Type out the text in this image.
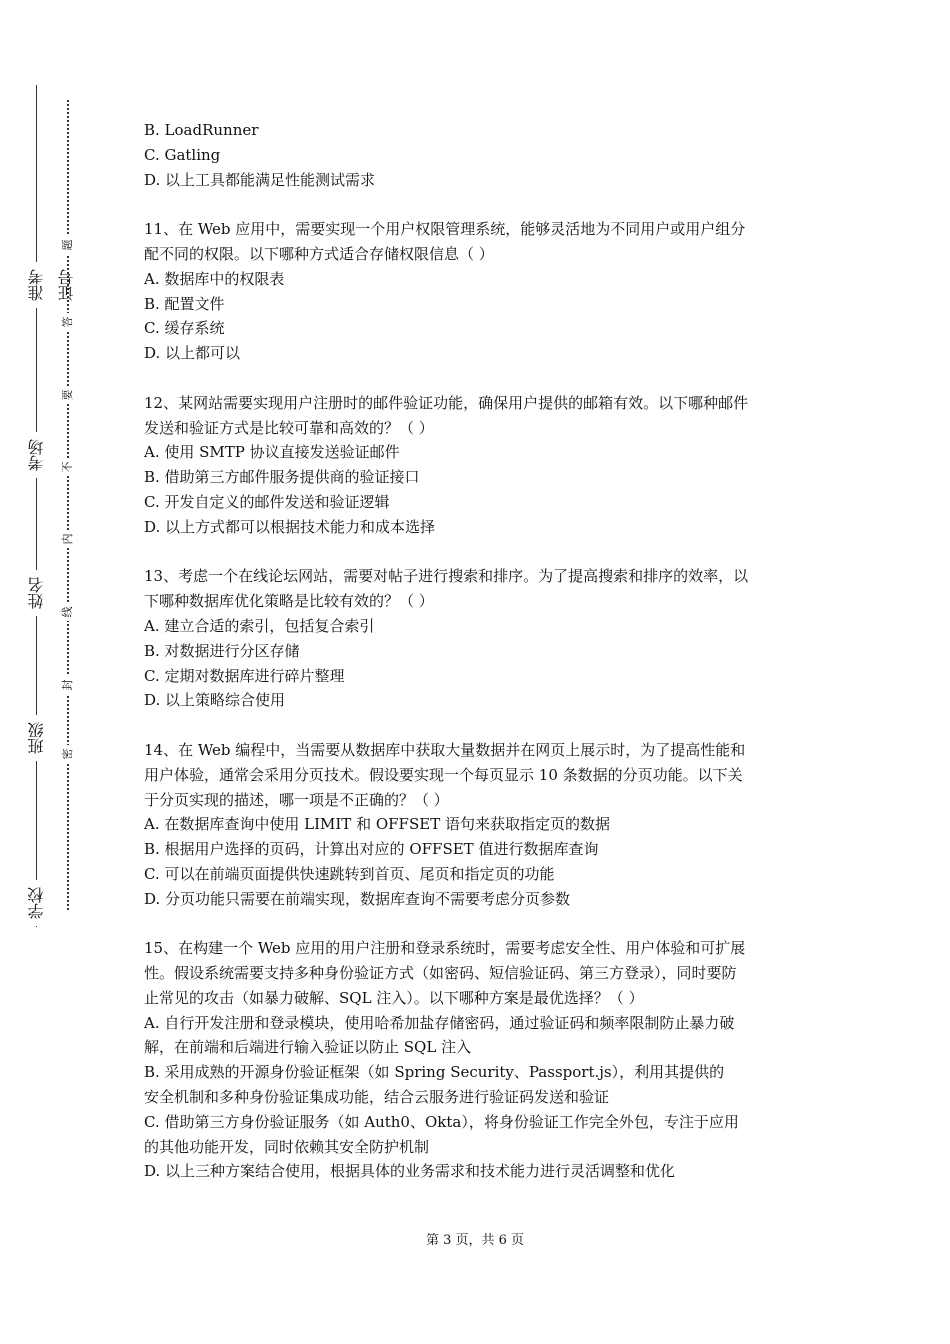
准考证号
考场
姓名
班级
学校
题
答
要
不
内
线
封
密

B. LoadRunner

C. Gatling

D. 以上工具都能满足性能测试需求

11、在 Web 应用中，需要实现一个用户权限管理系统，能够灵活地为不同用户或用户组分

配不同的权限。以下哪种方式适合存储权限信息（ ）

A. 数据库中的权限表

B. 配置文件

C. 缓存系统

D. 以上都可以

12、某网站需要实现用户注册时的邮件验证功能，确保用户提供的邮箱有效。以下哪种邮件

发送和验证方式是比较可靠和高效的？（ ）

A. 使用 SMTP 协议直接发送验证邮件

B. 借助第三方邮件服务提供商的验证接口

C. 开发自定义的邮件发送和验证逻辑

D. 以上方式都可以根据技术能力和成本选择

13、考虑一个在线论坛网站，需要对帖子进行搜索和排序。为了提高搜索和排序的效率，以

下哪种数据库优化策略是比较有效的？（ ）

A. 建立合适的索引，包括复合索引

B. 对数据进行分区存储

C. 定期对数据库进行碎片整理

D. 以上策略综合使用

14、在 Web 编程中，当需要从数据库中获取大量数据并在网页上展示时，为了提高性能和

用户体验，通常会采用分页技术。假设要实现一个每页显示 10 条数据的分页功能。以下关

于分页实现的描述，哪一项是不正确的？（ ）

A. 在数据库查询中使用 LIMIT 和 OFFSET 语句来获取指定页的数据

B. 根据用户选择的页码，计算出对应的 OFFSET 值进行数据库查询

C. 可以在前端页面提供快速跳转到首页、尾页和指定页的功能

D. 分页功能只需要在前端实现，数据库查询不需要考虑分页参数

15、在构建一个 Web 应用的用户注册和登录系统时，需要考虑安全性、用户体验和可扩展

性。假设系统需要支持多种身份验证方式（如密码、短信验证码、第三方登录），同时要防

止常见的攻击（如暴力破解、SQL 注入）。以下哪种方案是最优选择？（ ）

A. 自行开发注册和登录模块，使用哈希加盐存储密码，通过验证码和频率限制防止暴力破

解，在前端和后端进行输入验证以防止 SQL 注入

B. 采用成熟的开源身份验证框架（如 Spring Security、Passport.js），利用其提供的

安全机制和多种身份验证集成功能，结合云服务进行验证码发送和验证

C. 借助第三方身份验证服务（如 Auth0、Okta），将身份验证工作完全外包，专注于应用

的其他功能开发，同时依赖其安全防护机制

D. 以上三种方案结合使用，根据具体的业务需求和技术能力进行灵活调整和优化

第 3 页，共 6 页
